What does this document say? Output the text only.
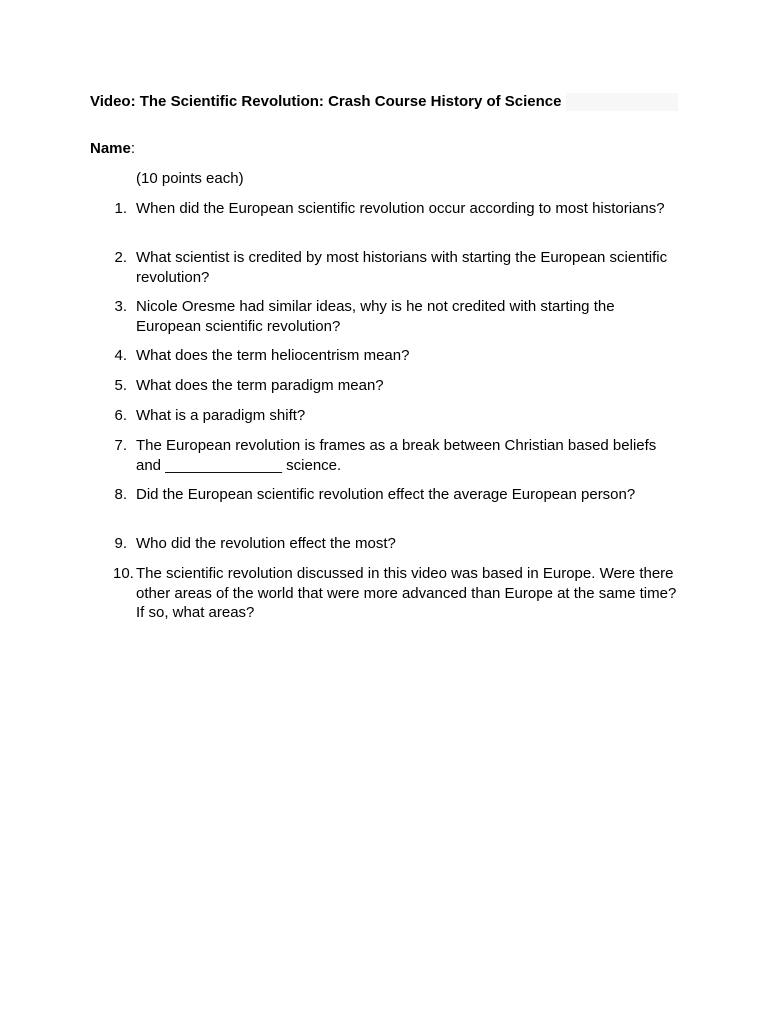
Video: The Scientific Revolution: Crash Course History of Science
Name:
(10 points each)
1. When did the European scientific revolution occur according to most historians?
2. What scientist is credited by most historians with starting the European scientific revolution?
3. Nicole Oresme had similar ideas, why is he not credited with starting the European scientific revolution?
4. What does the term heliocentrism mean?
5. What does the term paradigm mean?
6. What is a paradigm shift?
7. The European revolution is frames as a break between Christian based beliefs and ______________ science.
8. Did the European scientific revolution effect the average European person?
9. Who did the revolution effect the most?
10. The scientific revolution discussed in this video was based in Europe. Were there other areas of the world that were more advanced than Europe at the same time? If so, what areas?
